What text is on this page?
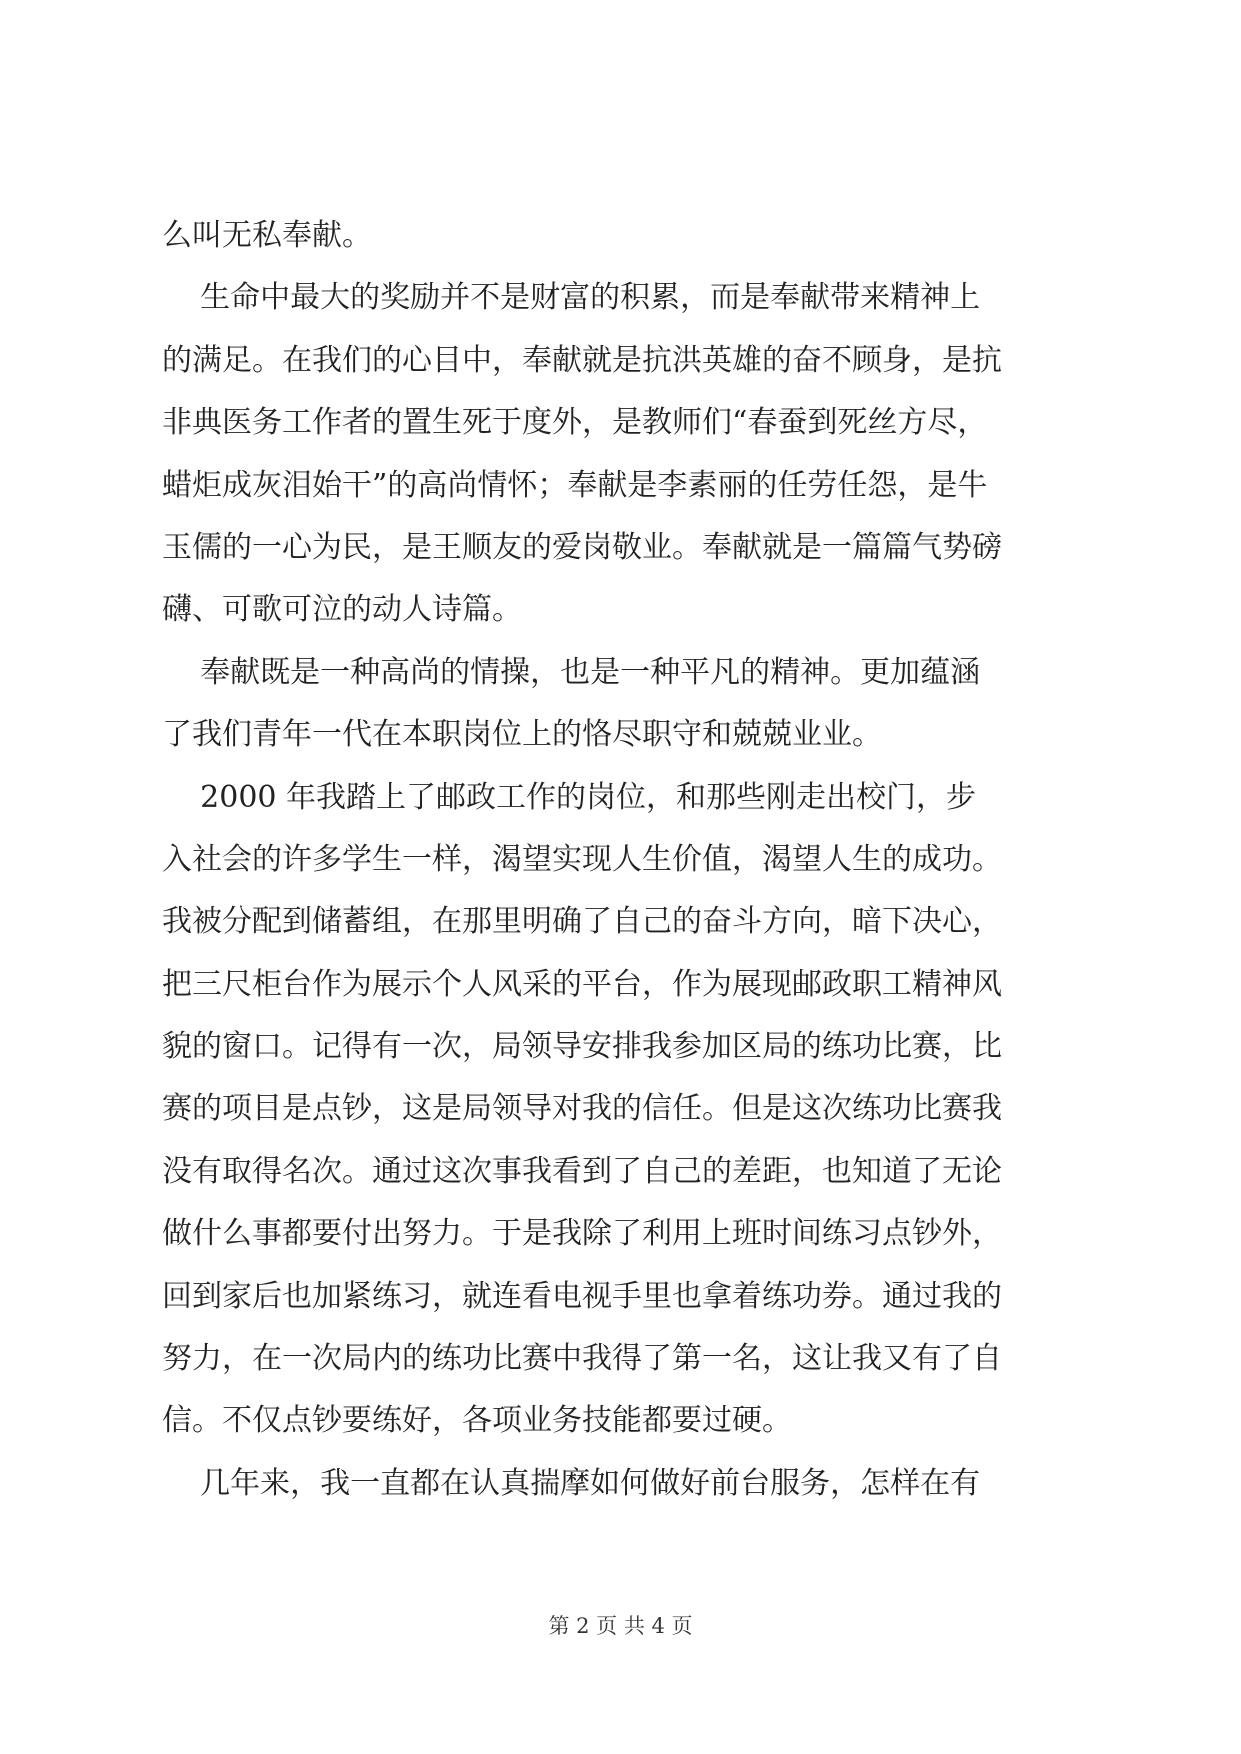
么叫无私奉献。
生命中最大的奖励并不是财富的积累，而是奉献带来精神上
的满足。在我们的心目中，奉献就是抗洪英雄的奋不顾身，是抗
非典医务工作者的置生死于度外，是教师们“春蚕到死丝方尽，
蜡炬成灰泪始干”的高尚情怀；奉献是李素丽的任劳任怨，是牛
玉儒的一心为民，是王顺友的爱岗敬业。奉献就是一篇篇气势磅
礴、可歌可泣的动人诗篇。
奉献既是一种高尚的情操，也是一种平凡的精神。更加蕴涵
了我们青年一代在本职岗位上的恪尽职守和兢兢业业。
2000 年我踏上了邮政工作的岗位，和那些刚走出校门，步
入社会的许多学生一样，渴望实现人生价值，渴望人生的成功。
我被分配到储蓄组，在那里明确了自己的奋斗方向，暗下决心，
把三尺柜台作为展示个人风采的平台，作为展现邮政职工精神风
貌的窗口。记得有一次，局领导安排我参加区局的练功比赛，比
赛的项目是点钞，这是局领导对我的信任。但是这次练功比赛我
没有取得名次。通过这次事我看到了自己的差距，也知道了无论
做什么事都要付出努力。于是我除了利用上班时间练习点钞外，
回到家后也加紧练习，就连看电视手里也拿着练功券。通过我的
努力，在一次局内的练功比赛中我得了第一名，这让我又有了自
信。不仅点钞要练好，各项业务技能都要过硬。
几年来，我一直都在认真揣摩如何做好前台服务，怎样在有
第 2 页 共 4 页
